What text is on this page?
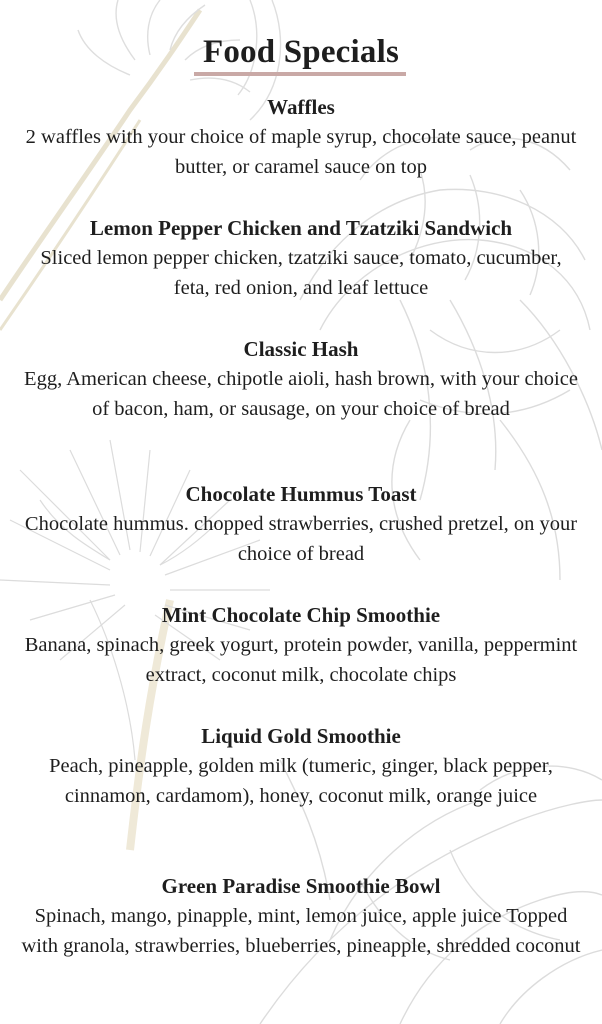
Food Specials
Waffles
2 waffles with your choice of maple syrup, chocolate sauce, peanut butter, or caramel sauce on top
Lemon Pepper Chicken and Tzatziki Sandwich
Sliced lemon pepper chicken, tzatziki sauce, tomato, cucumber, feta, red onion, and leaf lettuce
Classic Hash
Egg, American cheese, chipotle aioli, hash brown, with your choice of bacon, ham, or sausage, on your choice of bread
Chocolate Hummus Toast
Chocolate hummus. chopped strawberries, crushed pretzel, on your choice of bread
Mint Chocolate Chip Smoothie
Banana, spinach, greek yogurt, protein powder, vanilla, peppermint extract, coconut milk, chocolate chips
Liquid Gold Smoothie
Peach, pineapple, golden milk (tumeric, ginger, black pepper, cinnamon, cardamom), honey, coconut milk, orange juice
Green Paradise Smoothie Bowl
Spinach, mango, pinapple, mint, lemon juice, apple juice Topped with granola, strawberries, blueberries, pineapple, shredded coconut
